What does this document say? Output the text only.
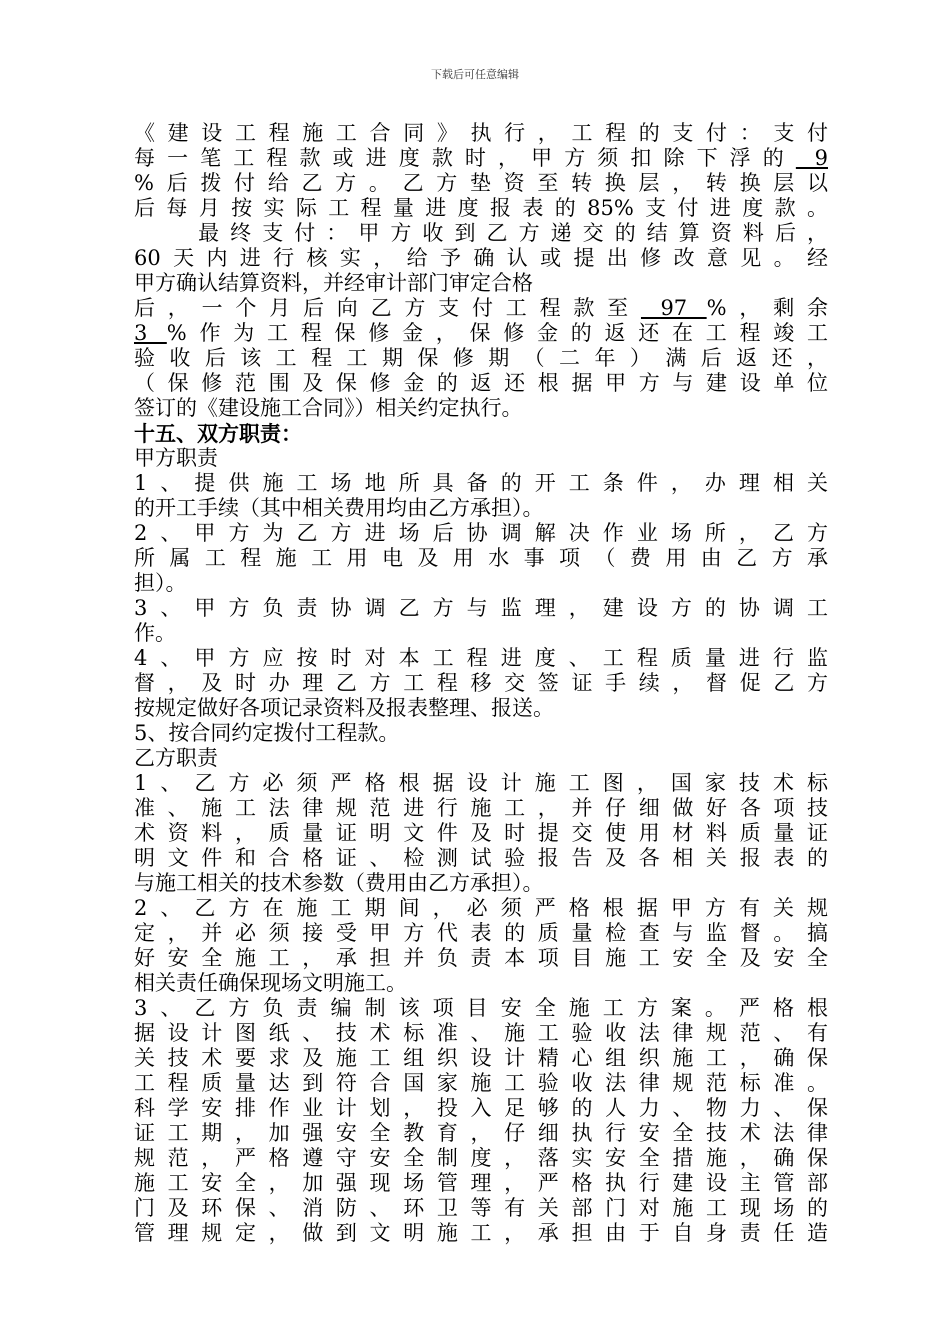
下载后可任意编辑
《建设工程施工合同》执行，工程的支付：支付
每一笔工程款或进度款时，甲方须扣除下浮的 9
%后拨付给乙方。乙方垫资至转换层，转换层以
后每月按实际工程量进度报表的85%支付进度款。
　　最终支付：甲方收到乙方递交的结算资料后，
60天内进行核实，给予确认或提出修改意见。经
甲方确认结算资料，并经审计部门审定合格
后，一个月后向乙方支付工程款至 97 %，剩余
3 %作为工程保修金，保修金的返还在工程竣工
验收后该工程工期保修期（二年）满后返还，
（保修范围及保修金的返还根据甲方与建设单位
签订的《建设施工合同》）相关约定执行。
十五、双方职责：
甲方职责
1、提供施工场地所具备的开工条件，办理相关
的开工手续（其中相关费用均由乙方承担）。
2、甲方为乙方进场后协调解决作业场所，乙方
所属工程施工用电及用水事项（费用由乙方承
担）。
3、甲方负责协调乙方与监理，建设方的协调工
作。
4、甲方应按时对本工程进度、工程质量进行监
督，及时办理乙方工程移交签证手续，督促乙方
按规定做好各项记录资料及报表整理、报送。
5、按合同约定拨付工程款。
乙方职责
1、乙方必须严格根据设计施工图，国家技术标
准、施工法律规范进行施工，并仔细做好各项技
术资料，质量证明文件及时提交使用材料质量证
明文件和合格证、检测试验报告及各相关报表的
与施工相关的技术参数（费用由乙方承担）。
2、乙方在施工期间，必须严格根据甲方有关规
定，并必须接受甲方代表的质量检查与监督。搞
好安全施工，承担并负责本项目施工安全及安全
相关责任确保现场文明施工。
3、乙方负责编制该项目安全施工方案。严格根
据设计图纸、技术标准、施工验收法律规范、有
关技术要求及施工组织设计精心组织施工，确保
工程质量达到符合国家施工验收法律规范标准。
科学安排作业计划，投入足够的人力、物力、保
证工期，加强安全教育，仔细执行安全技术法律
规范，严格遵守安全制度，落实安全措施，确保
施工安全，加强现场管理，严格执行建设主管部
门及环保、消防、环卫等有关部门对施工现场的
管理规定，做到文明施工，承担由于自身责任造
